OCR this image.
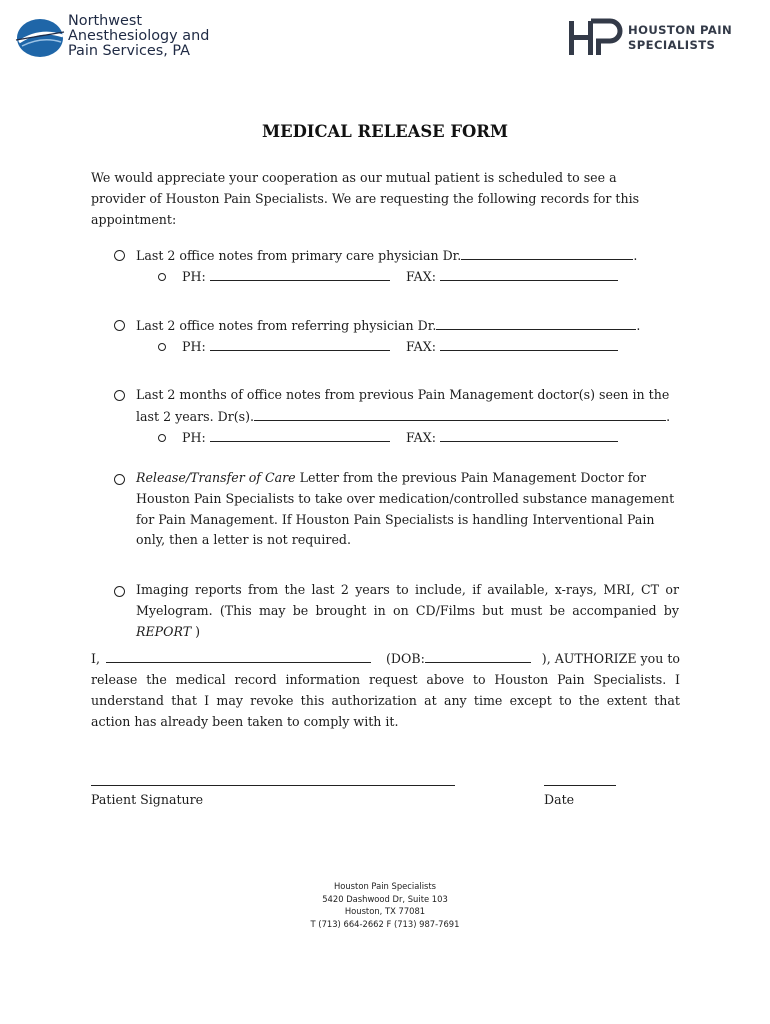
Northwest
Anesthesiology and
Pain Services, PA
HOUSTON PAIN
SPECIALISTS
MEDICAL RELEASE FORM
We would appreciate your cooperation as our mutual patient is scheduled to see a
provider of Houston Pain Specialists. We are requesting the following records for this
appointment:
Last 2 office notes from primary care physician Dr.	.
PH:	FAX:
Last 2 office notes from referring physician Dr.	.
PH:	FAX:
Last 2 months of office notes from previous Pain Management doctor(s) seen in the
last 2 years. Dr(s).	.
PH:	FAX:
Release/Transfer of Care Letter from the previous Pain Management Doctor for
Houston Pain Specialists to take over medication/controlled substance management
for Pain Management. If Houston Pain Specialists is handling Interventional Pain
only, then a letter is not required.
Imaging reports from the last 2 years to include, if available, x-rays, MRI, CT or
Myelogram. (This may be brought in on CD/Films but must be accompanied by
REPORT )
I,	(DOB:	), AUTHORIZE you to
release the medical record information request above to Houston Pain Specialists. I
understand that I may revoke this authorization at any time except to the extent that
action has already been taken to comply with it.
Patient Signature	Date
Houston Pain Specialists
5420 Dashwood Dr, Suite 103
Houston, TX 77081
T (713) 664-2662 F (713) 987-7691
